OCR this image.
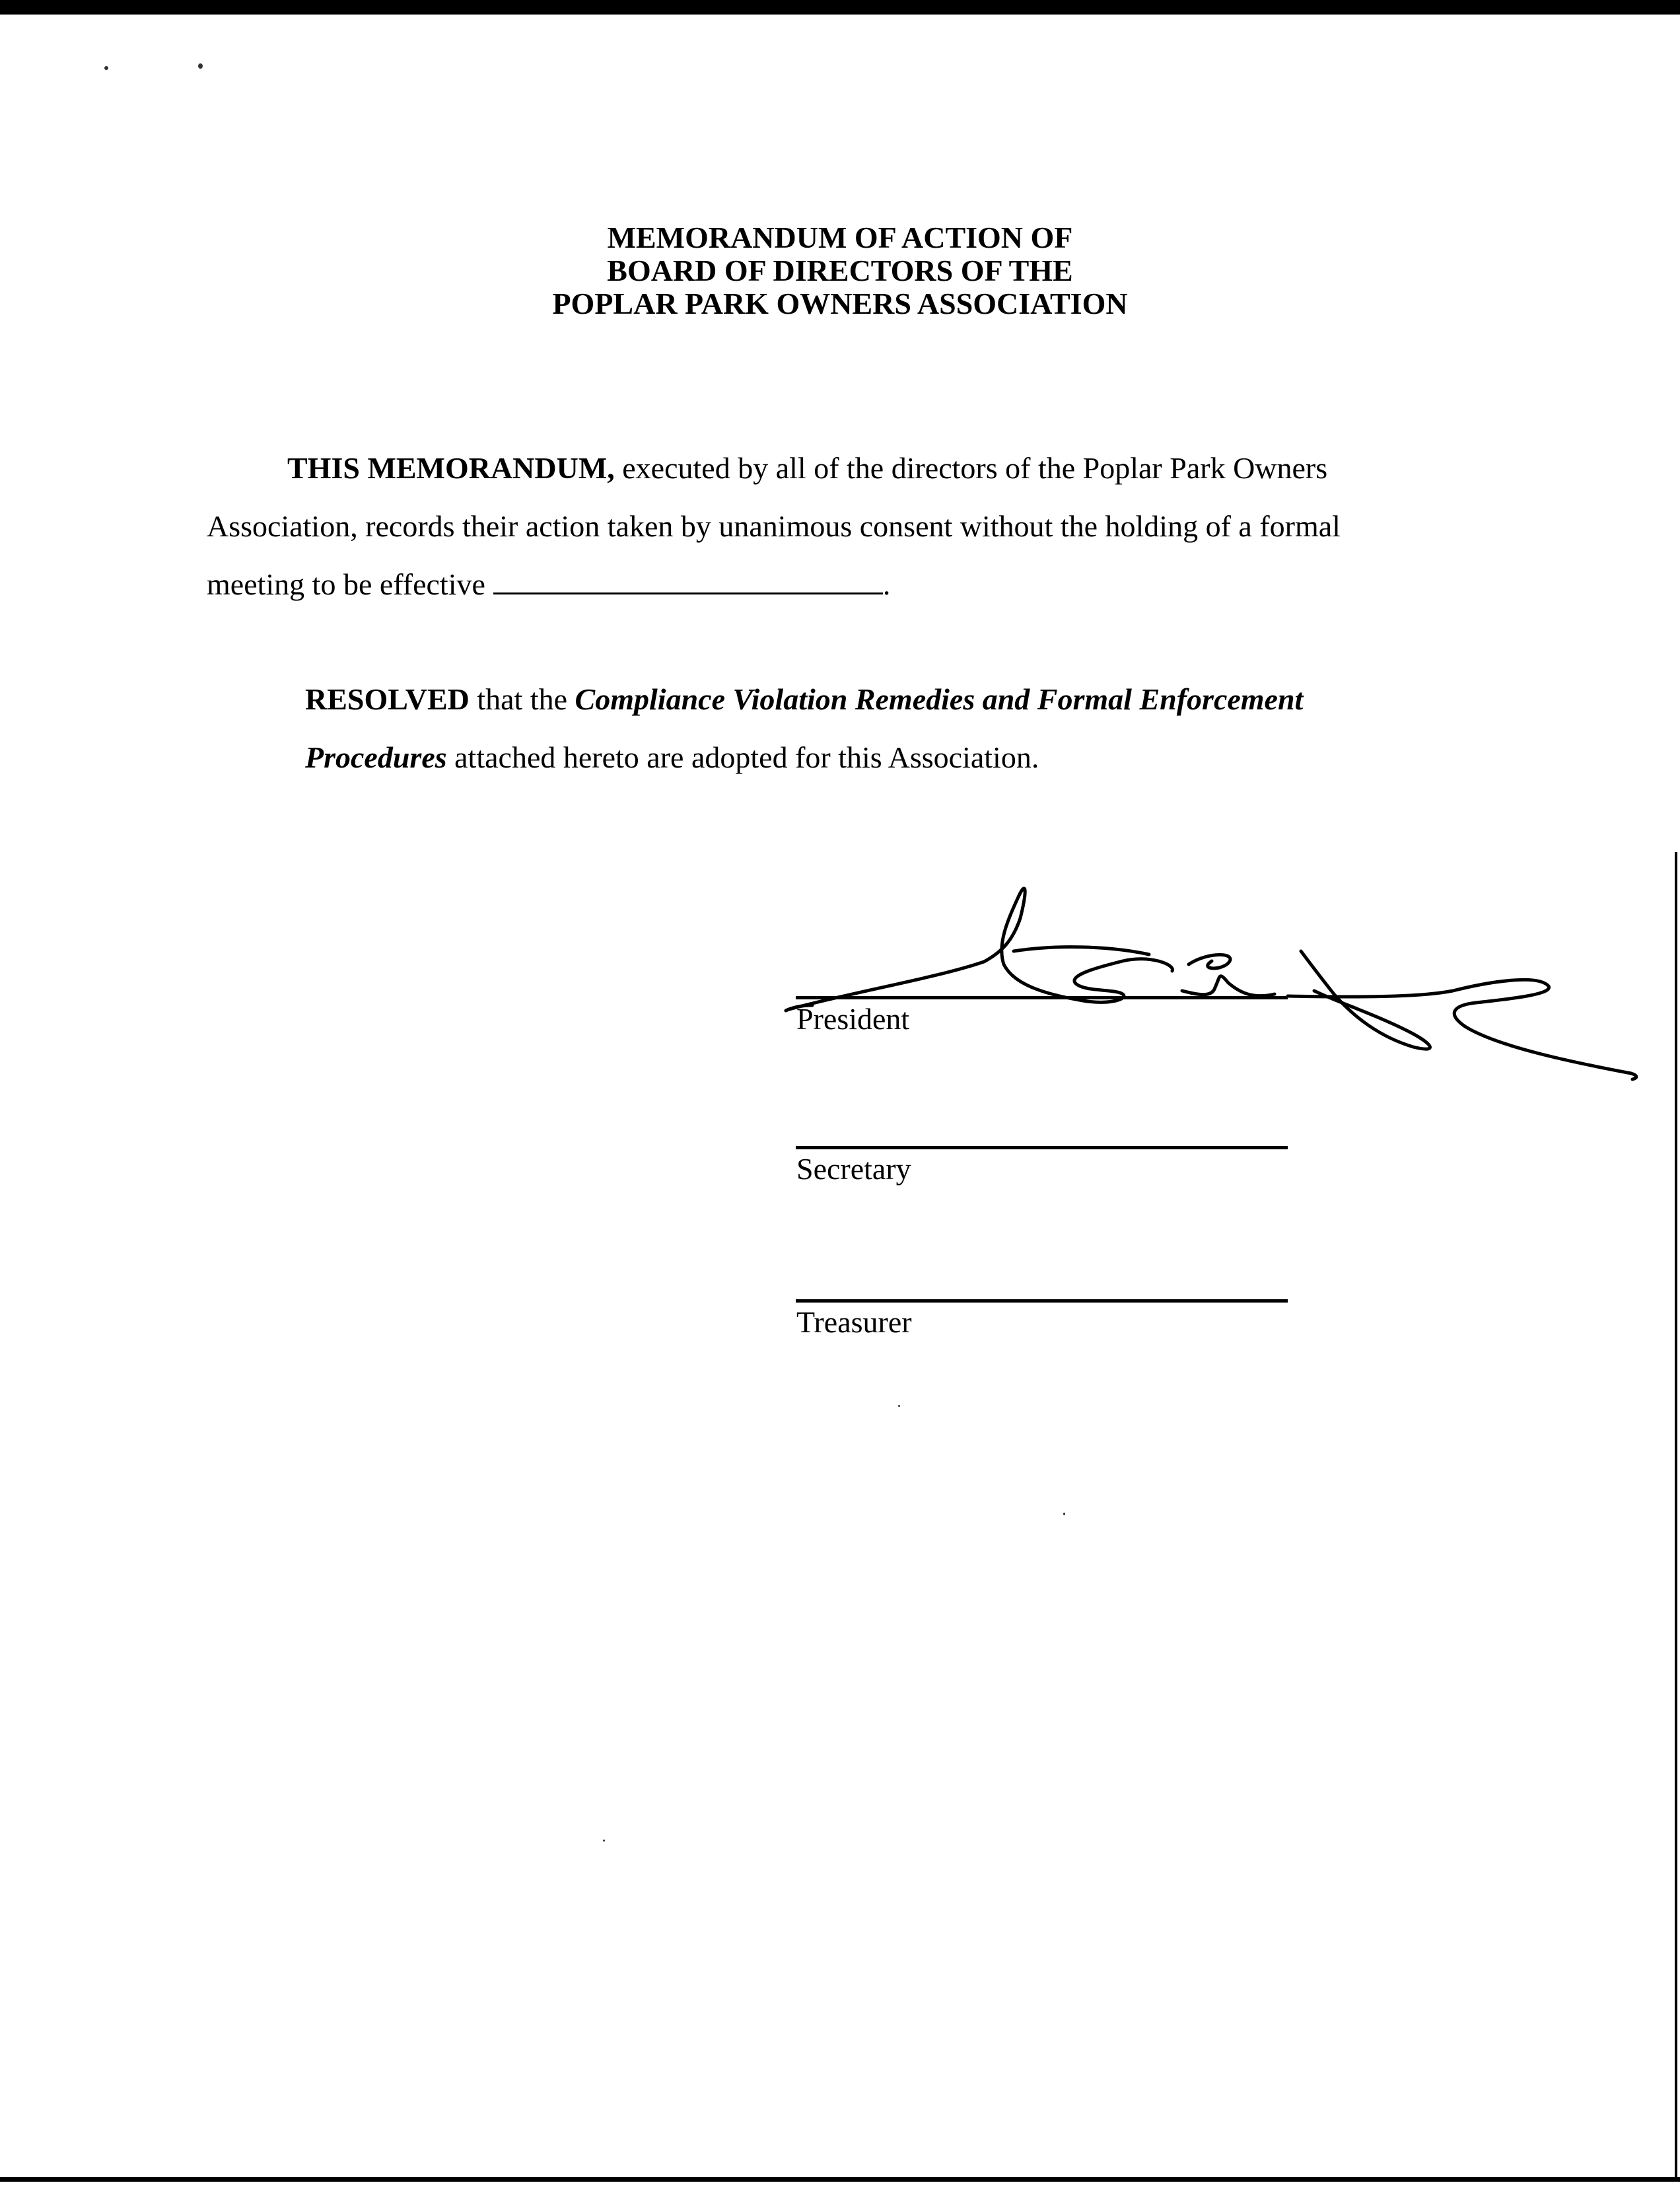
MEMORANDUM OF ACTION OF
BOARD OF DIRECTORS OF THE
POPLAR PARK OWNERS ASSOCIATION
THIS MEMORANDUM, executed by all of the directors of the Poplar Park Owners
Association, records their action taken by unanimous consent without the holding of a formal
meeting to be effective	.
RESOLVED that the Compliance Violation Remedies and Formal Enforcement
Procedures attached hereto are adopted for this Association.
President
Secretary
Treasurer
